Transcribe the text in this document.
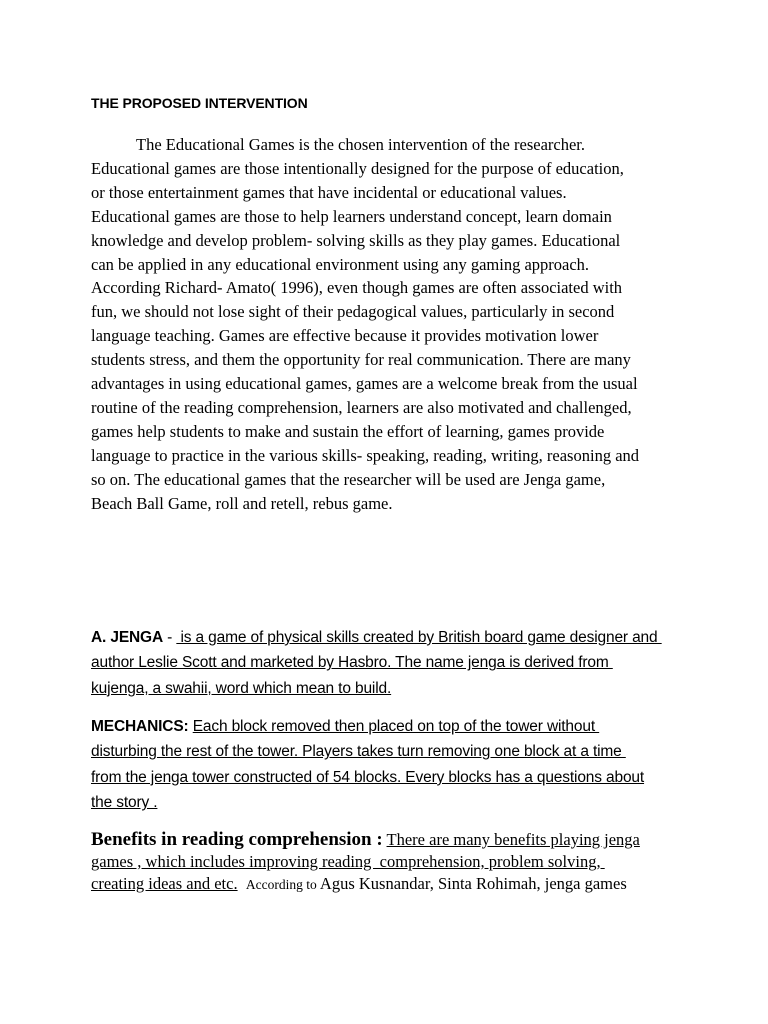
THE PROPOSED INTERVENTION
The Educational Games is the chosen intervention of the researcher.
Educational games are those intentionally designed for the purpose of education,
or those entertainment games that have incidental or educational values.
Educational games are those to help learners understand concept, learn domain
knowledge and develop problem- solving skills as they play games. Educational
can be applied in any educational environment using any gaming approach.
According Richard- Amato( 1996), even though games are often associated with
fun, we should not lose sight of their pedagogical values, particularly in second
language teaching. Games are effective because it provides motivation lower
students stress, and them the opportunity for real communication. There are many
advantages in using educational games, games are a welcome break from the usual
routine of the reading comprehension, learners are also motivated and challenged,
games help students to make and sustain the effort of learning, games provide
language to practice in the various skills- speaking, reading, writing, reasoning and
so on. The educational games that the researcher will be used are Jenga game,
Beach Ball Game, roll and retell, rebus game.
A. JENGA -  is a game of physical skills created by British board game designer and
author Leslie Scott and marketed by Hasbro. The name jenga is derived from
kujenga, a swahii, word which mean to build.
MECHANICS: Each block removed then placed on top of the tower without
disturbing the rest of the tower. Players takes turn removing one block at a time
from the jenga tower constructed of 54 blocks. Every blocks has a questions about
the story .
Benefits in reading comprehension : There are many benefits playing jenga
games , which includes improving reading  comprehension, problem solving,
creating ideas and etc. According to Agus Kusnandar, Sinta Rohimah, jenga games
